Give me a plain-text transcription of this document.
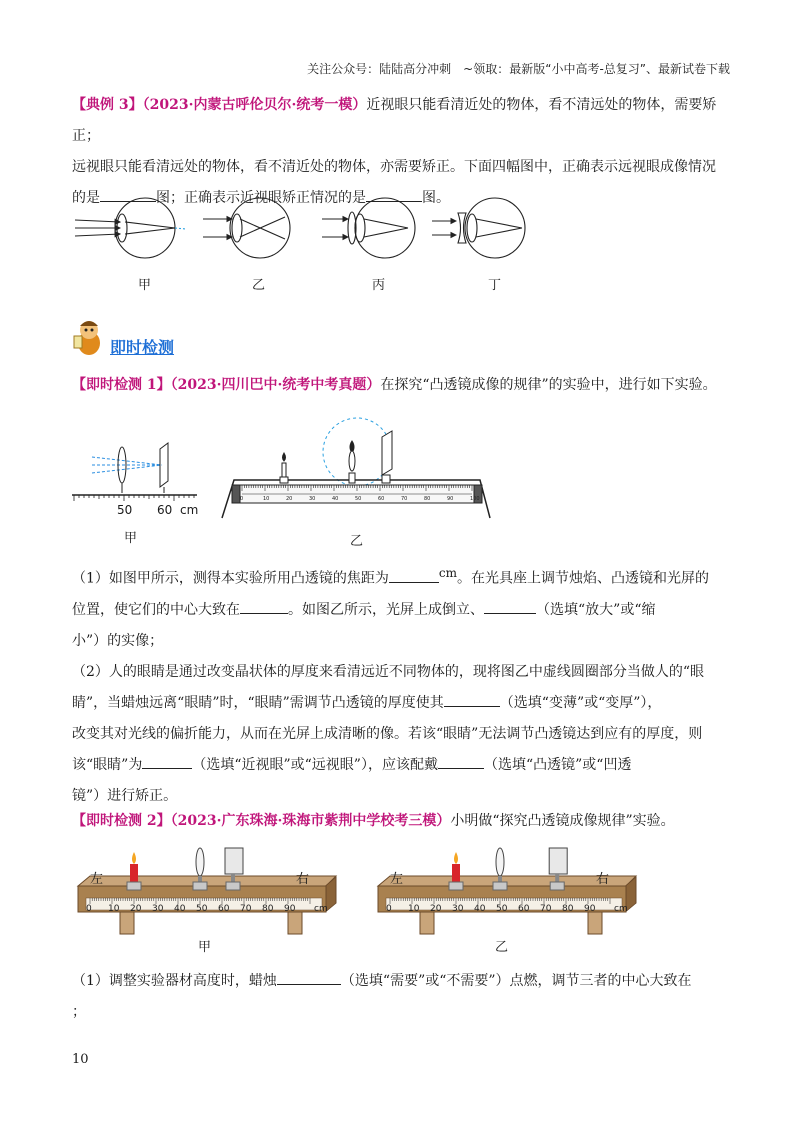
关注公众号：陆陆高分冲刺　~领取：最新版“小中高考-总复习”、最新试卷下载
【典例 3】（2023·内蒙古呼伦贝尔·统考一模）近视眼只能看清近处的物体，看不清远处的物体，需要矫正；
远视眼只能看清远处的物体，看不清近处的物体，亦需要矫正。下面四幅图中，正确表示远视眼成像情况
的是	图；正确表示近视眼矫正情况的是	图。
甲	乙	丙	丁
即时检测
【即时检测 1】（2023·四川巴中·统考中考真题）在探究“凸透镜成像的规律”的实验中，进行如下实验。
50 60 cm
甲
0	10	20	30	40	50	60	70	80	90	100
乙
（1）如图甲所示，测得本实验所用凸透镜的焦距为	$^{cm}$。在光具座上调节烛焰、凸透镜和光屏的
位置，使它们的中心大致在	。如图乙所示，光屏上成倒立、	（选填“放大”或“缩
小”）的实像；
（2）人的眼睛是通过改变晶状体的厚度来看清远近不同物体的，现将图乙中虚线圆圈部分当做人的“眼
睛”，当蜡烛远离“眼睛”时，“眼睛”需调节凸透镜的厚度使其	（选填“变薄”或“变厚”），
改变其对光线的偏折能力，从而在光屏上成清晰的像。若该“眼睛”无法调节凸透镜达到应有的厚度，则
该“眼睛”为	（选填“近视眼”或“远视眼”），应该配戴	（选填“凸透镜”或“凹透
镜”）进行矫正。
【即时检测 2】（2023·广东珠海·珠海市紫荆中学校考三模）小明做“探究凸透镜成像规律”实验。
0 10 20 30 40 50 60 70 80 90 cm	0 10 20 30 40 50 60 70 80 90 cm
左	右	左	右
甲	乙
（1）调整实验器材高度时，蜡烛	（选填“需要”或“不需要”）点燃，调节三者的中心大致在
；
10
